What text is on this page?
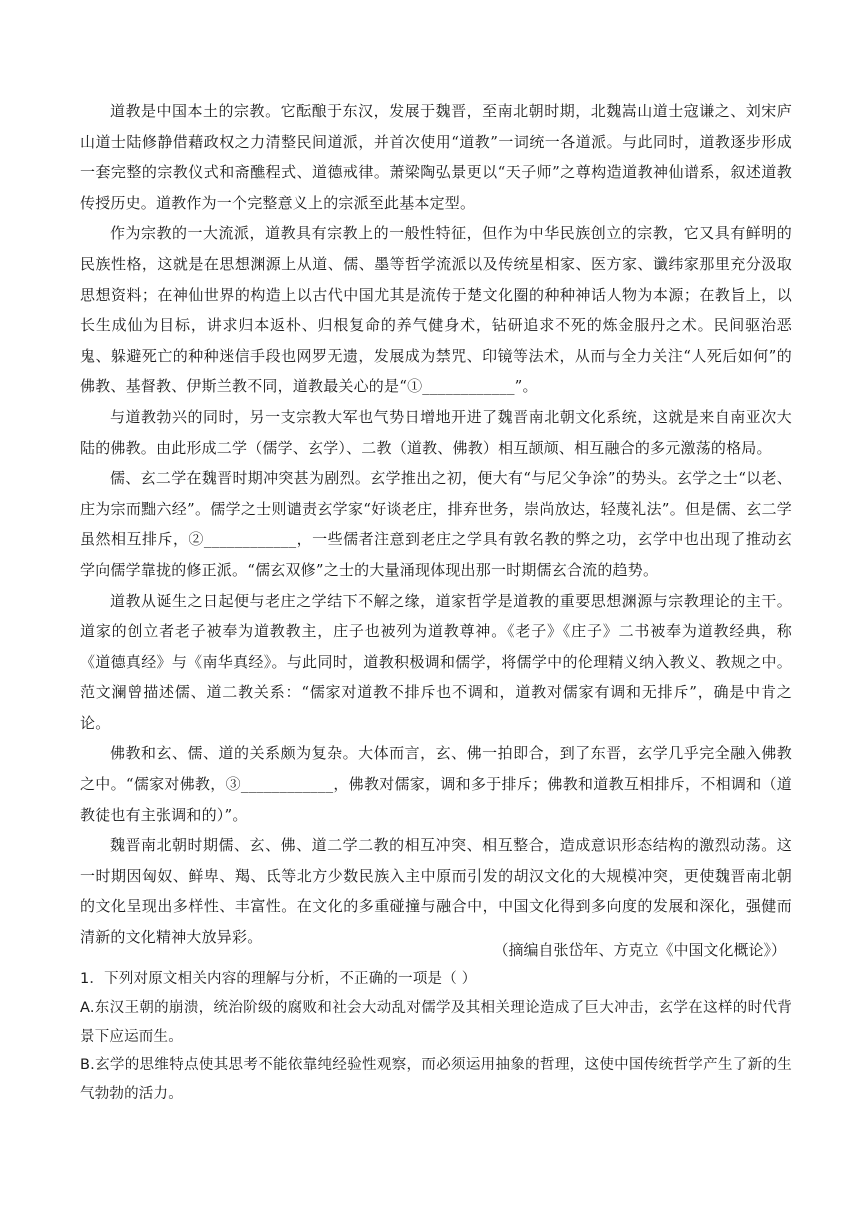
道教是中国本土的宗教。它酝酿于东汉，发展于魏晋，至南北朝时期，北魏嵩山道士寇谦之、刘宋庐山道士陆修静借藉政权之力清整民间道派，并首次使用“道教”一词统一各道派。与此同时，道教逐步形成一套完整的宗教仪式和斋醮程式、道德戒律。萧梁陶弘景更以“天子师”之尊构造道教神仙谱系，叙述道教传授历史。道教作为一个完整意义上的宗派至此基本定型。

作为宗教的一大流派，道教具有宗教上的一般性特征，但作为中华民族创立的宗教，它又具有鲜明的民族性格，这就是在思想渊源上从道、儒、墨等哲学流派以及传统星相家、医方家、谶纬家那里充分汲取思想资料；在神仙世界的构造上以古代中国尤其是流传于楚文化圈的种种神话人物为本源；在教旨上，以长生成仙为目标，讲求归本返朴、归根复命的养气健身术，钻研追求不死的炼金服丹之术。民间驱治恶鬼、躲避死亡的种种迷信手段也网罗无遗，发展成为禁咒、印镜等法术，从而与全力关注“人死后如何”的佛教、基督教、伊斯兰教不同，道教最关心的是“①____________”。

与道教勃兴的同时，另一支宗教大军也气势日增地开进了魏晋南北朝文化系统，这就是来自南亚次大陆的佛教。由此形成二学（儒学、玄学）、二教（道教、佛教）相互颉颃、相互融合的多元激荡的格局。

儒、玄二学在魏晋时期冲突甚为剧烈。玄学推出之初，便大有“与尼父争涂”的势头。玄学之士“以老、庄为宗而黜六经”。儒学之士则谴责玄学家“好谈老庄，排弃世务，崇尚放达，轻蔑礼法”。但是儒、玄二学虽然相互排斥，②____________，一些儒者注意到老庄之学具有敦名教的弊之功，玄学中也出现了推动玄学向儒学靠拢的修正派。“儒玄双修”之士的大量涌现体现出那一时期儒玄合流的趋势。

道教从诞生之日起便与老庄之学结下不解之缘，道家哲学是道教的重要思想渊源与宗教理论的主干。道家的创立者老子被奉为道教教主，庄子也被列为道教尊神。《老子》《庄子》二书被奉为道教经典，称《道德真经》与《南华真经》。与此同时，道教积极调和儒学，将儒学中的伦理精义纳入教义、教规之中。范文澜曾描述儒、道二教关系：“儒家对道教不排斥也不调和，道教对儒家有调和无排斥”，确是中肯之论。

佛教和玄、儒、道的关系颇为复杂。大体而言，玄、佛一拍即合，到了东晋，玄学几乎完全融入佛教之中。“儒家对佛教，③____________，佛教对儒家，调和多于排斥；佛教和道教互相排斥，不相调和（道教徒也有主张调和的）”。

魏晋南北朝时期儒、玄、佛、道二学二教的相互冲突、相互整合，造成意识形态结构的激烈动荡。这一时期因匈奴、鲜卑、羯、氐等北方少数民族入主中原而引发的胡汉文化的大规模冲突，更使魏晋南北朝的文化呈现出多样性、丰富性。在文化的多重碰撞与融合中，中国文化得到多向度的发展和深化，强健而清新的文化精神大放异彩。

（摘编自张岱年、方克立《中国文化概论》）

1．下列对原文相关内容的理解与分析，不正确的一项是（ ）

A.东汉王朝的崩溃，统治阶级的腐败和社会大动乱对儒学及其相关理论造成了巨大冲击，玄学在这样的时代背景下应运而生。

B.玄学的思维特点使其思考不能依靠纯经验性观察，而必须运用抽象的哲理，这使中国传统哲学产生了新的生气勃勃的活力。
